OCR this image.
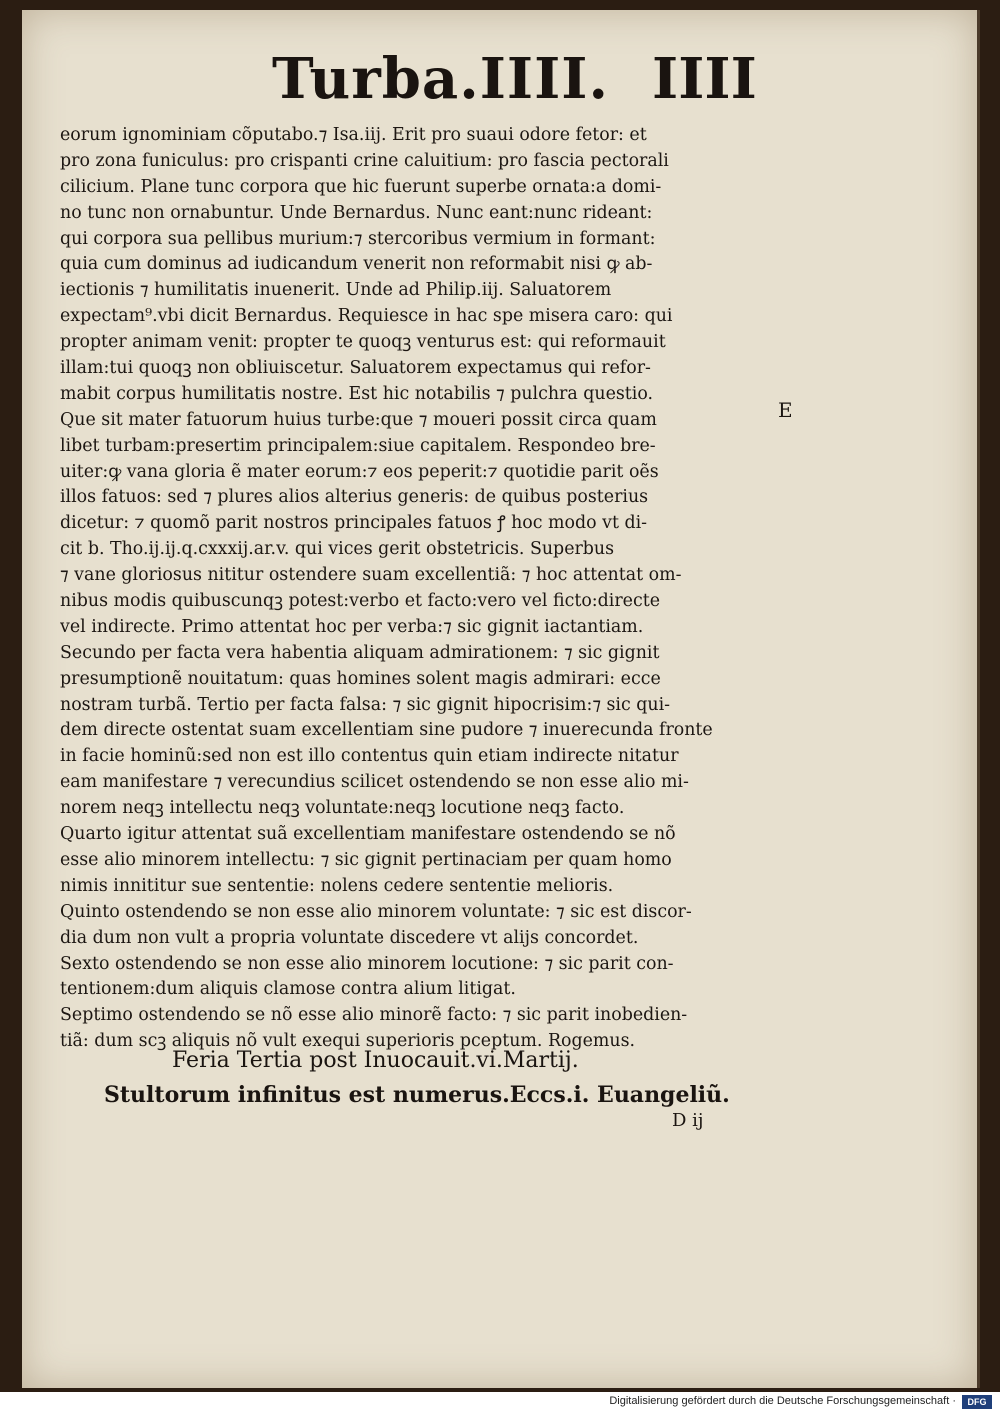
Turba.IIII. IIII
eorum ignominiam cõputabo.⁊ Isa.iij. Erit pro suaui odore fetor: et
pro zona funiculus: pro crispanti crine caluitium: pro fascia pectorali
cilicium. Plane tunc corpora que hic fuerunt superbe ornata:a domi-
no tunc non ornabuntur. Unde Bernardus. Nunc eant:nunc rideant:
qui corpora sua pellibus murium:⁊ stercoribus vermium in formant:
quia cum dominus ad iudicandum venerit non reformabit nisi ꝙ ab-
iectionis ⁊ humilitatis inuenerit. Unde ad Philip.iij. Saluatorem
expectam⁹.vbi dicit Bernardus. Requiesce in hac spe misera caro: qui
propter animam venit: propter te quoqꝫ venturus est: qui reformauit
illam:tui quoqꝫ non obliuiscetur. Saluatorem expectamus qui refor-
mabit corpus humilitatis nostre. Est hic notabilis ⁊ pulchra questio.
Que sit mater fatuorum huius turbe:que ⁊ moueri possit circa quam
libet turbam:presertim principalem:siue capitalem. Respondeo bre-
uiter:ꝙ vana gloria ẽ mater eorum:⁊ eos peperit:⁊ quotidie parit oẽs
illos fatuos: sed ⁊ plures alios alterius generis: de quibus posterius
dicetur: ⁊ quomõ parit nostros principales fatuos ꝭ hoc modo vt di-
cit b. Tho.ij.ij.q.cxxxij.ar.v. qui vices gerit obstetricis. Superbus
⁊ vane gloriosus nititur ostendere suam excellentiã: ⁊ hoc attentat om-
nibus modis quibuscunqꝫ potest:verbo et facto:vero vel ficto:directe
vel indirecte. Primo attentat hoc per verba:⁊ sic gignit iactantiam.
Secundo per facta vera habentia aliquam admirationem: ⁊ sic gignit
presumptionẽ nouitatum: quas homines solent magis admirari: ecce
nostram turbã. Tertio per facta falsa: ⁊ sic gignit hipocrisim:⁊ sic qui-
dem directe ostentat suam excellentiam sine pudore ⁊ inuerecunda fronte
in facie hominũ:sed non est illo contentus quin etiam indirecte nitatur
eam manifestare ⁊ verecundius scilicet ostendendo se non esse alio mi-
norem neqꝫ intellectu neqꝫ voluntate:neqꝫ locutione neqꝫ facto.
Quarto igitur attentat suã excellentiam manifestare ostendendo se nõ
esse alio minorem intellectu: ⁊ sic gignit pertinaciam per quam homo
nimis innititur sue sententie: nolens cedere sententie melioris.
Quinto ostendendo se non esse alio minorem voluntate: ⁊ sic est discor-
dia dum non vult a propria voluntate discedere vt alijs concordet.
Sexto ostendendo se non esse alio minorem locutione: ⁊ sic parit con-
tentionem:dum aliquis clamose contra alium litigat.
Septimo ostendendo se nõ esse alio minorẽ facto: ⁊ sic parit inobedien-
tiã: dum scꝫ aliquis nõ vult exequi superioris pceptum. Rogemus.
E
Feria Tertia post Inuocauit.vi.Martij.
Stultorum infinitus est numerus.Eccs.i. Euangeliũ.
D ij
Digitalisierung gefördert durch die Deutsche Forschungsgemeinschaft ·	DFG
